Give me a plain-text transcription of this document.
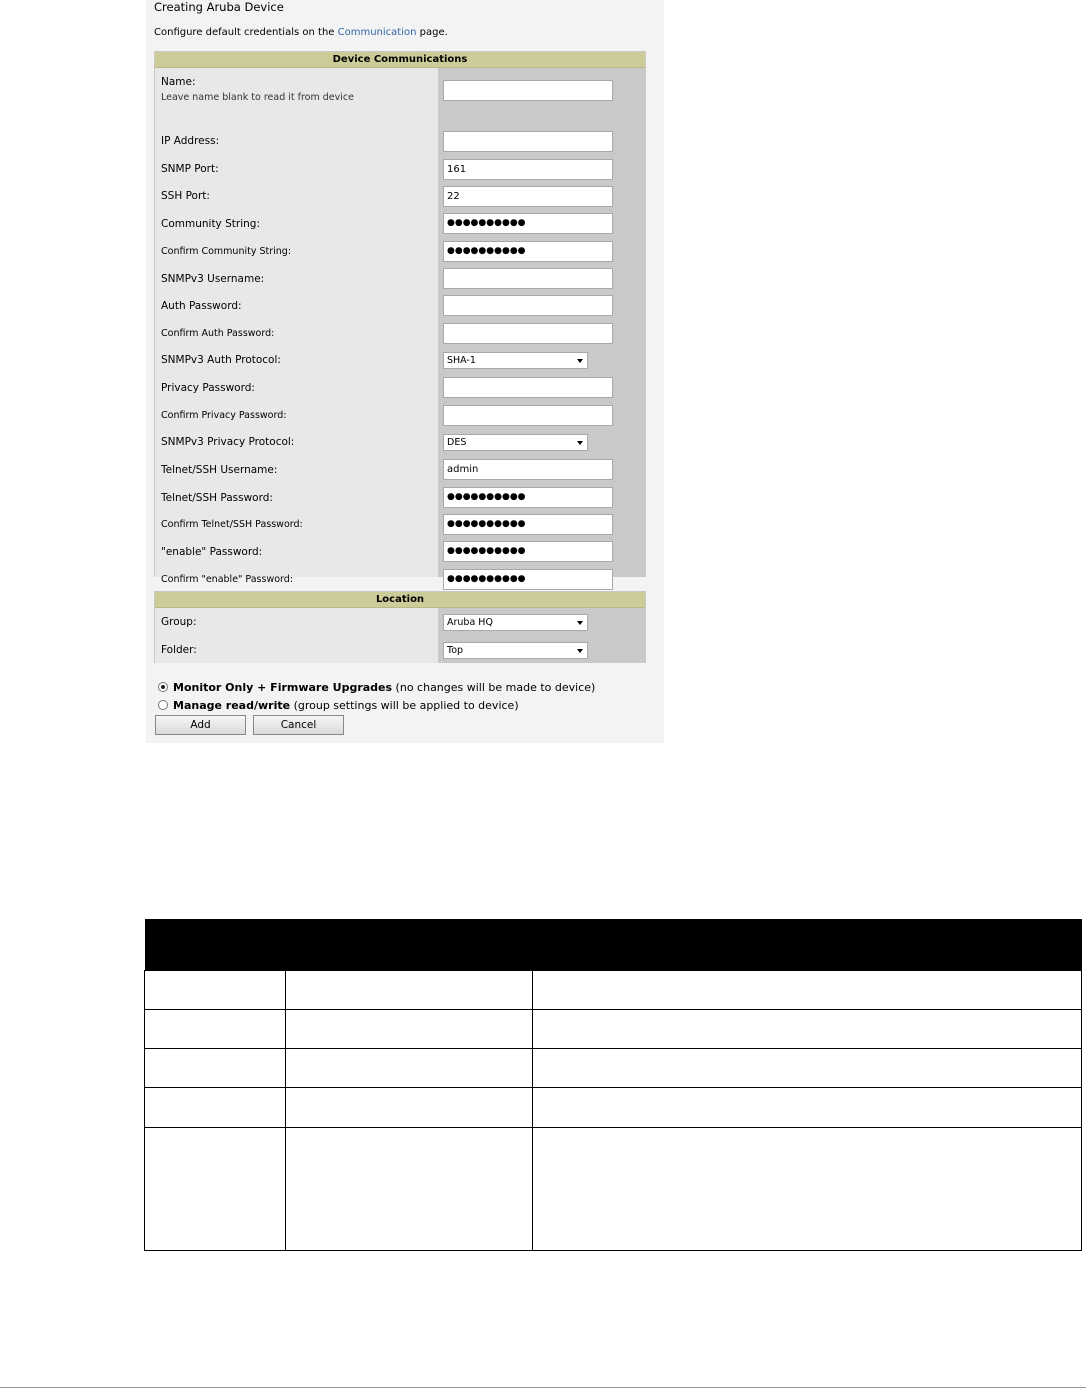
Creating Aruba Device
Configure default credentials on the Communication page.
Device Communications
Name:
Leave name blank to read it from device
IP Address:
SNMP Port:	161
SSH Port:	22
Community String:	●●●●●●●●●●
Confirm Community String:	●●●●●●●●●●
SNMPv3 Username:
Auth Password:
Confirm Auth Password:
SNMPv3 Auth Protocol:	SHA-1
Privacy Password:
Confirm Privacy Password:
SNMPv3 Privacy Protocol:	DES
Telnet/SSH Username:	admin
Telnet/SSH Password:	●●●●●●●●●●
Confirm Telnet/SSH Password:	●●●●●●●●●●
"enable" Password:	●●●●●●●●●●
Confirm "enable" Password:	●●●●●●●●●●
Location
Group:	Aruba HQ
Folder:	Top
Monitor Only + Firmware Upgrades (no changes will be made to device)
Manage read/write (group settings will be applied to device)
Add	Cancel
